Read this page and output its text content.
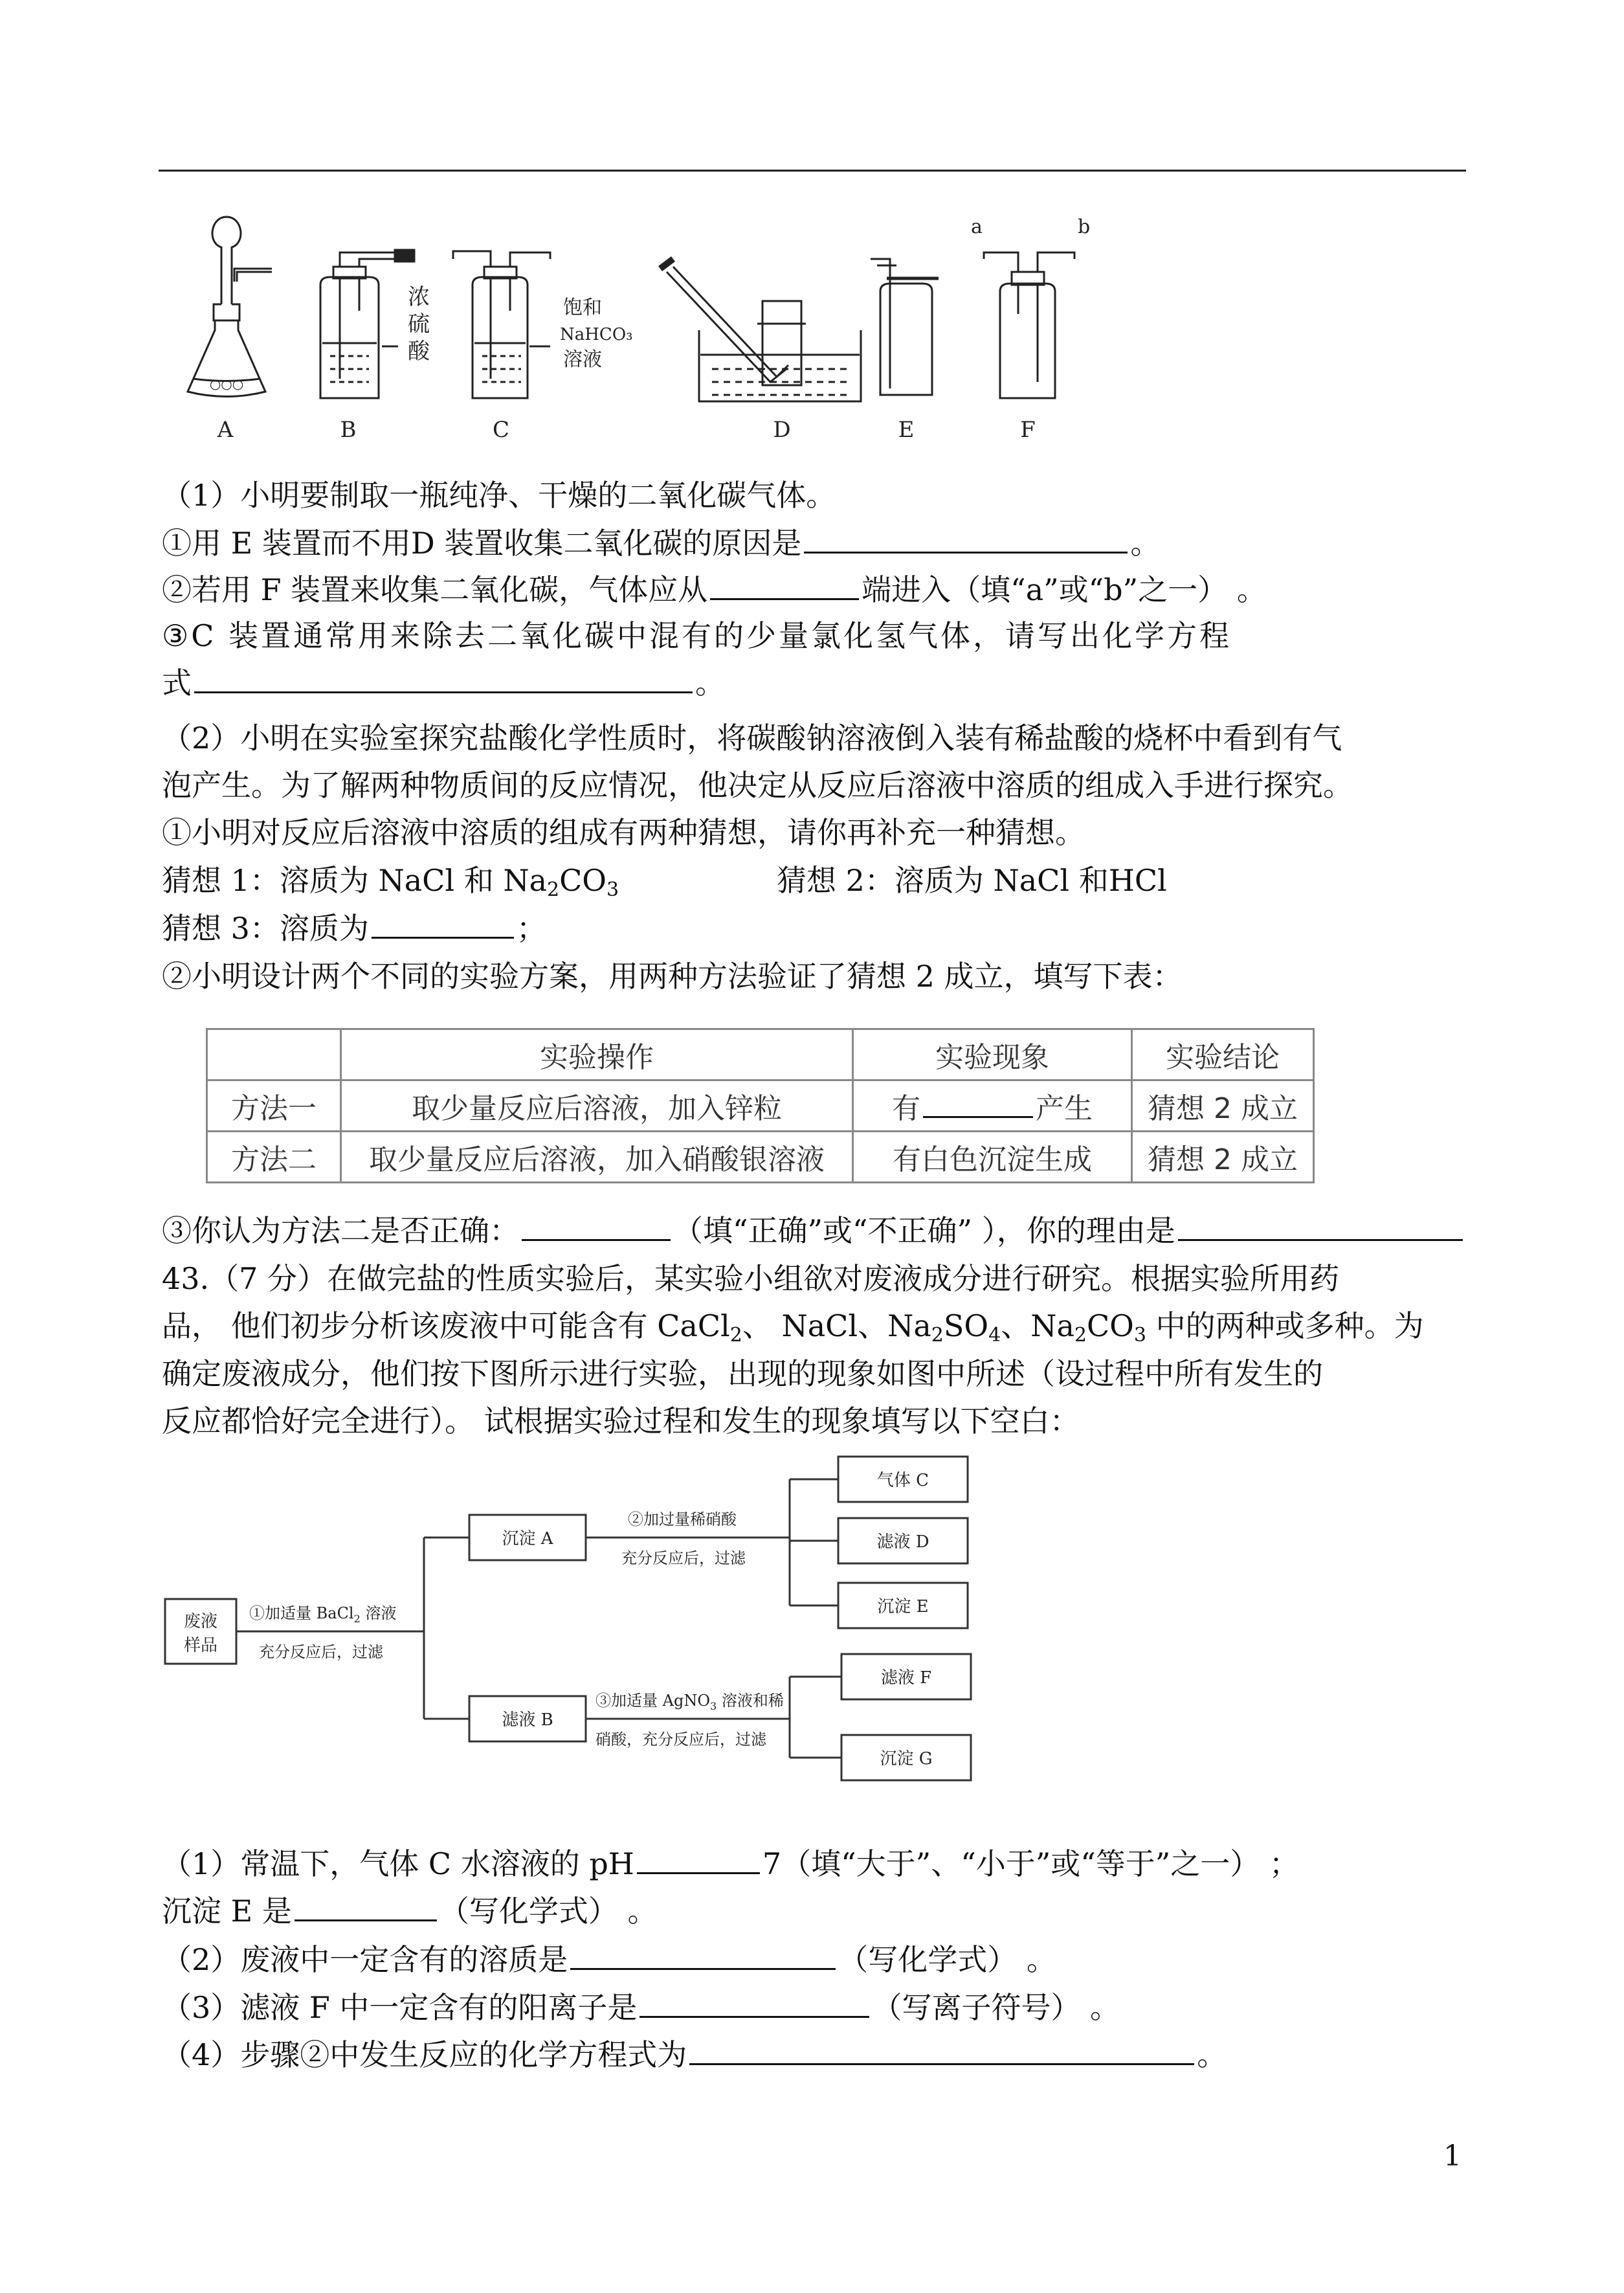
○○○
A
浓
硫
酸
B
饱和
NaHCO₃
溶液
C	D	E
a	b
F
（1）小明要制取一瓶纯净、干燥的二氧化碳气体。
①用 E 装置而不用D 装置收集二氧化碳的原因是	。
②若用 F 装置来收集二氧化碳，气体应从	端进入（填“a”或“b”之一） 。
③C 装置通常用来除去二氧化碳中混有的少量氯化氢气体，请写出化学方程
式	。
（2）小明在实验室探究盐酸化学性质时，将碳酸钠溶液倒入装有稀盐酸的烧杯中看到有气
泡产生。为了解两种物质间的反应情况，他决定从反应后溶液中溶质的组成入手进行探究。
①小明对反应后溶液中溶质的组成有两种猜想，请你再补充一种猜想。
猜想 1：溶质为 NaCl 和 $Na_2CO_3$	猜想 2：溶质为 NaCl 和HCl
猜想 3：溶质为	；
②小明设计两个不同的实验方案，用两种方法验证了猜想 2 成立，填写下表：
	实验操作	实验现象	实验结论
方法一	取少量反应后溶液，加入锌粒	有 产生	猜想 2 成立
方法二	取少量反应后溶液，加入硝酸银溶液	有白色沉淀生成	猜想 2 成立
③你认为方法二是否正确：	（填“正确”或“不正确” ），你的理由是
43.（7 分）在做完盐的性质实验后，某实验小组欲对废液成分进行研究。根据实验所用药
品， 他们初步分析该废液中可能含有 CaCl$_2$、 NaCl、$Na_2SO_4$、$Na_2CO_3$ 中的两种或多种。为
确定废液成分，他们按下图所示进行实验，出现的现象如图中所述（设过程中所有发生的
反应都恰好完全进行）。 试根据实验过程和发生的现象填写以下空白：
废液
样品
①加适量 BaCl$_2$ 溶液
充分反应后，过滤
沉淀 A
滤液 B
②加过量稀硝酸
充分反应后，过滤
③加适量 AgNO$_3$ 溶液和稀
硝酸，充分反应后，过滤
气体 C
滤液 D
沉淀 E
滤液 F
沉淀 G
（1）常温下，气体 C 水溶液的 pH	7（填“大于”、“小于”或“等于”之一） ；
沉淀 E 是	（写化学式） 。
（2）废液中一定含有的溶质是	（写化学式） 。
（3）滤液 F 中一定含有的阳离子是	（写离子符号） 。
（4）步骤②中发生反应的化学方程式为	。
1
